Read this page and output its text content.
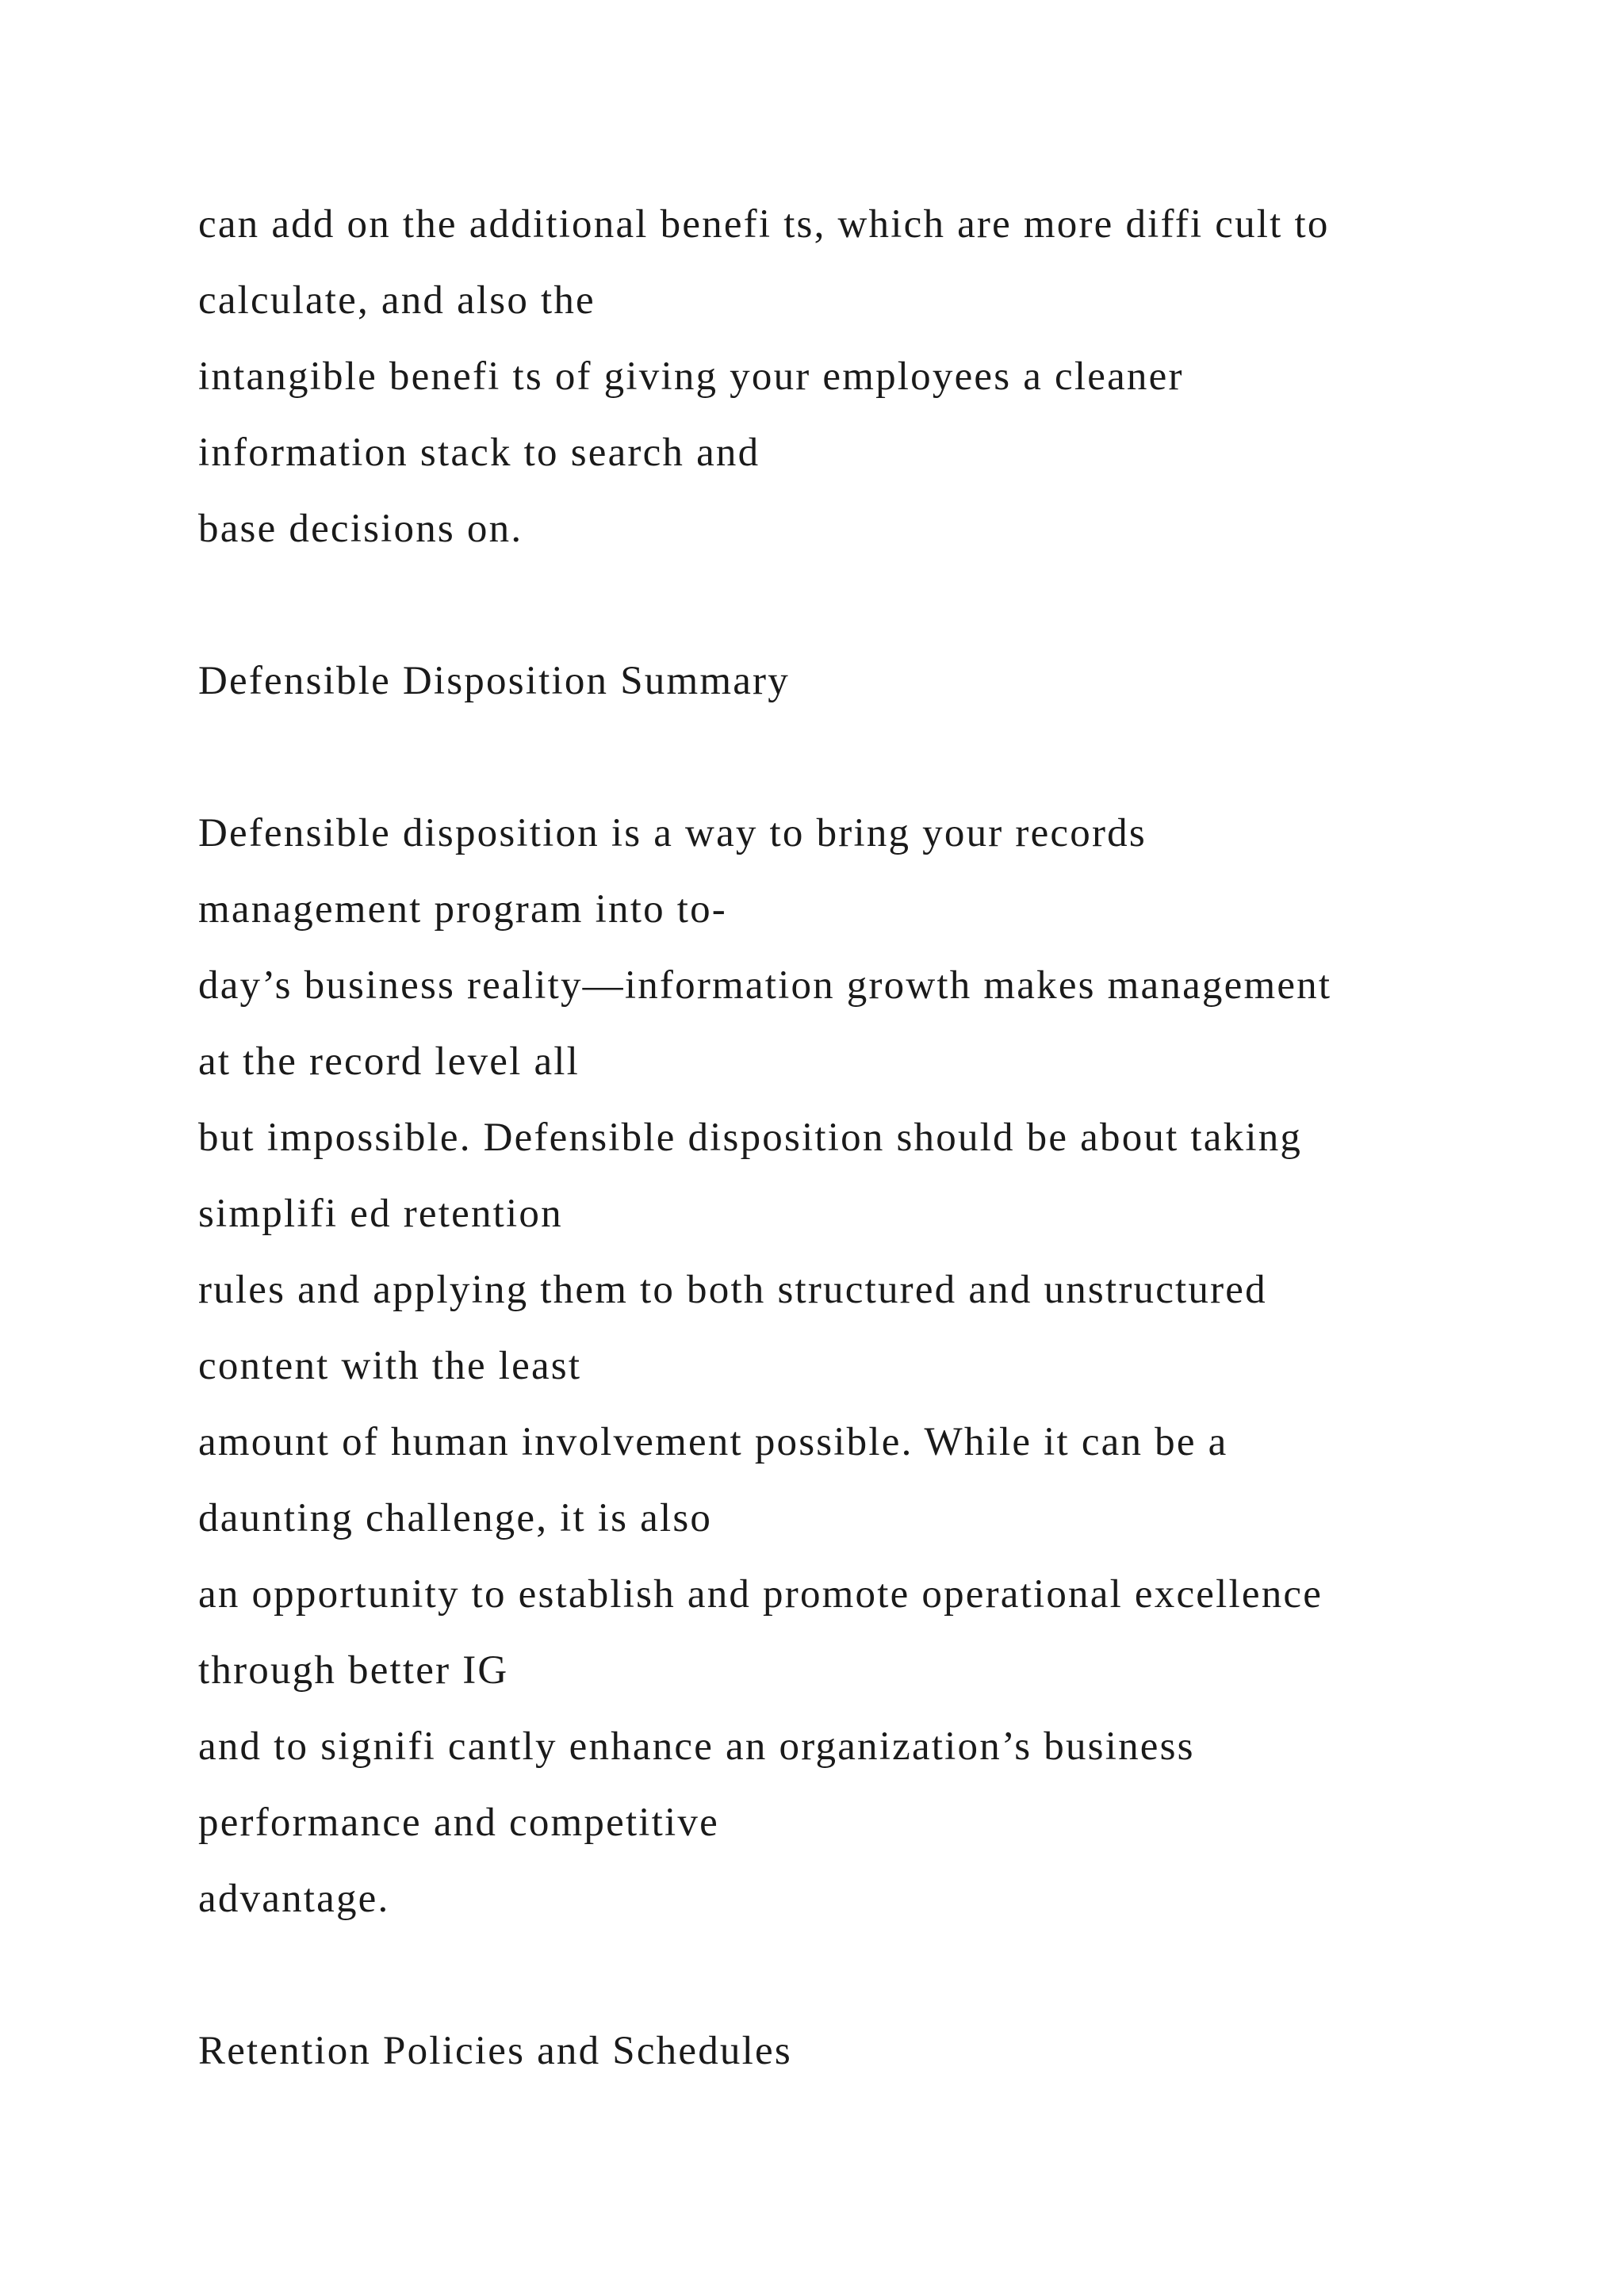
can add on the additional benefi ts, which are more diffi cult to
calculate, and also the
intangible benefi ts of giving your employees a cleaner
information stack to search and
base decisions on.
Defensible Disposition Summary
Defensible disposition is a way to bring your records
management program into to-
day’s business reality—information growth makes management
at the record level all
but impossible. Defensible disposition should be about taking
simplifi ed retention
rules and applying them to both structured and unstructured
content with the least
amount of human involvement possible. While it can be a
daunting challenge, it is also
an opportunity to establish and promote operational excellence
through better IG
and to signifi cantly enhance an organization’s business
performance and competitive
advantage.
Retention Policies and Schedules
